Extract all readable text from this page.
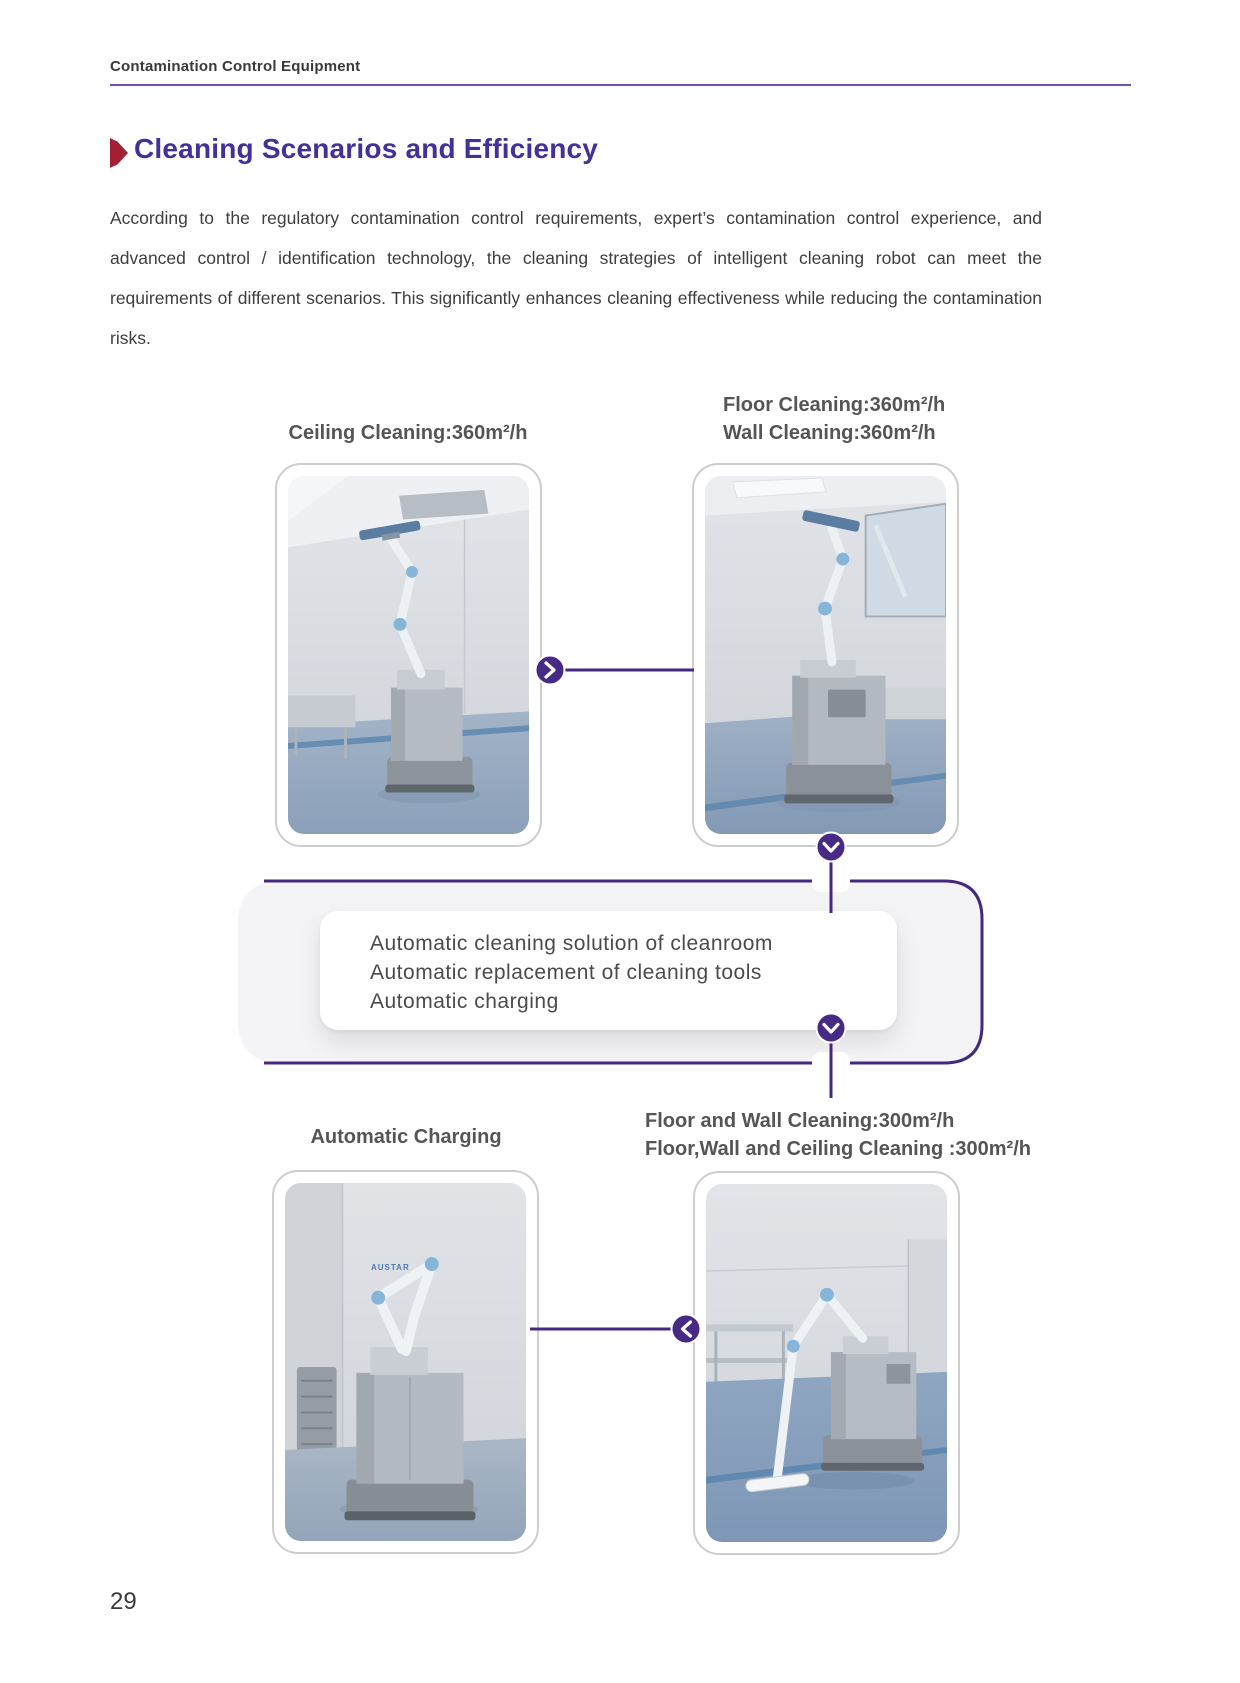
Contamination Control Equipment
Cleaning Scenarios and Efficiency

According to the regulatory contamination control requirements, expert’s contamination control experience, and advanced control / identification technology, the cleaning strategies of intelligent cleaning robot can meet the requirements of different scenarios. This significantly enhances cleaning effectiveness while reducing the contamination risks.

Ceiling Cleaning:360m²/h
Floor Cleaning:360m²/h
Wall Cleaning:360m²/h
Automatic Charging
Floor and Wall Cleaning:300m²/h
Floor,Wall and Ceiling Cleaning :300m²/h
Automatic cleaning solution of cleanroom
Automatic replacement of cleaning tools
Automatic charging
AUSTAR
29
